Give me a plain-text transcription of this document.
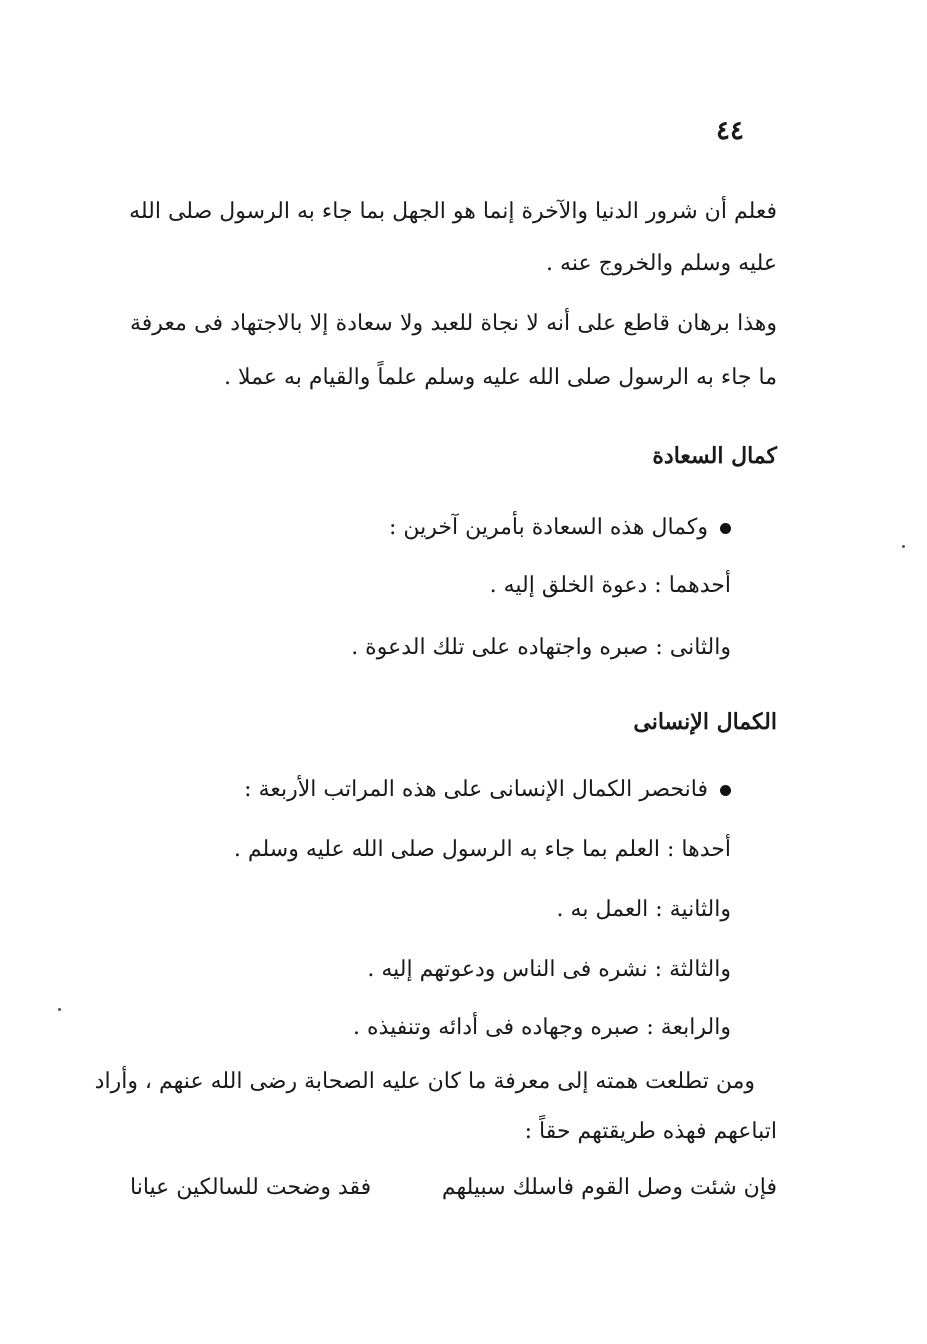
٤٤
فعلم أن شرور الدنيا والآخرة إنما هو الجهل بما جاء به الرسول صلى الله
عليه وسلم والخروج عنه .
وهذا برهان قاطع على أنه لا نجاة للعبد ولا سعادة إلا بالاجتهاد فى معرفة
ما جاء به الرسول صلى الله عليه وسلم علماً والقيام به عملا .
كمال السعادة
وكمال هذه السعادة بأمرين آخرين :
أحدهما : دعوة الخلق إليه .
والثانى : صبره واجتهاده على تلك الدعوة .
الكمال الإنسانى
فانحصر الكمال الإنسانى على هذه المراتب الأربعة :
أحدها : العلم بما جاء به الرسول صلى الله عليه وسلم .
والثانية : العمل به .
والثالثة : نشره فى الناس ودعوتهم إليه .
والرابعة : صبره وجهاده فى أدائه وتنفيذه .
ومن تطلعت همته إلى معرفة ما كان عليه الصحابة رضى الله عنهم ، وأراد
اتباعهم فهذه طريقتهم حقاً :
فإن شئت وصل القوم فاسلك سبيلهم
فقد وضحت للسالكين عيانا
